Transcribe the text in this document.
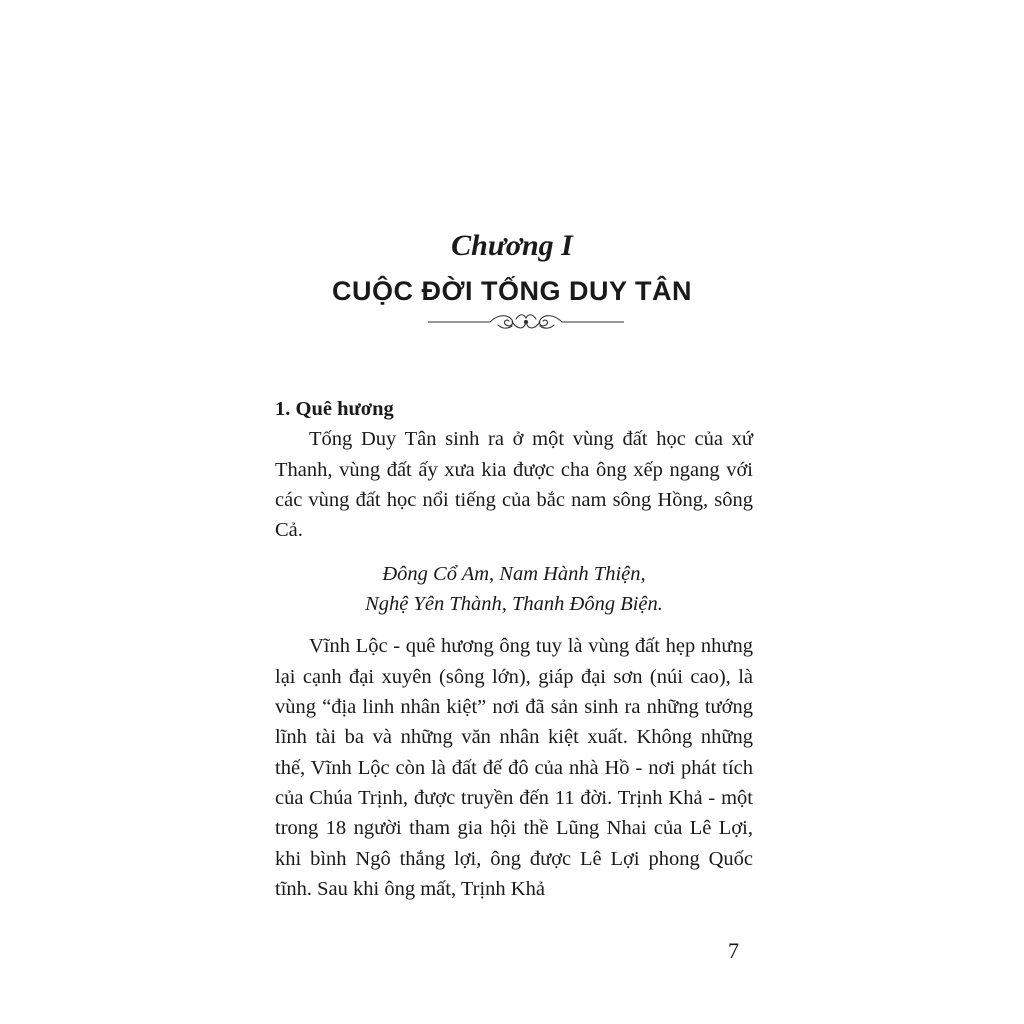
Chương I
CUỘC ĐỜI TỐNG DUY TÂN

1. Quê hương

Tống Duy Tân sinh ra ở một vùng đất học của xứ Thanh, vùng đất ấy xưa kia được cha ông xếp ngang với các vùng đất học nổi tiếng của bắc nam sông Hồng, sông Cả.

Đông Cổ Am, Nam Hành Thiện,
Nghệ Yên Thành, Thanh Đông Biện.

Vĩnh Lộc - quê hương ông tuy là vùng đất hẹp nhưng lại cạnh đại xuyên (sông lớn), giáp đại sơn (núi cao), là vùng “địa linh nhân kiệt” nơi đã sản sinh ra những tướng lĩnh tài ba và những văn nhân kiệt xuất. Không những thế, Vĩnh Lộc còn là đất đế đô của nhà Hồ - nơi phát tích của Chúa Trịnh, được truyền đến 11 đời. Trịnh Khả - một trong 18 người tham gia hội thề Lũng Nhai của Lê Lợi, khi bình Ngô thắng lợi, ông được Lê Lợi phong Quốc tĩnh. Sau khi ông mất, Trịnh Khả

7
